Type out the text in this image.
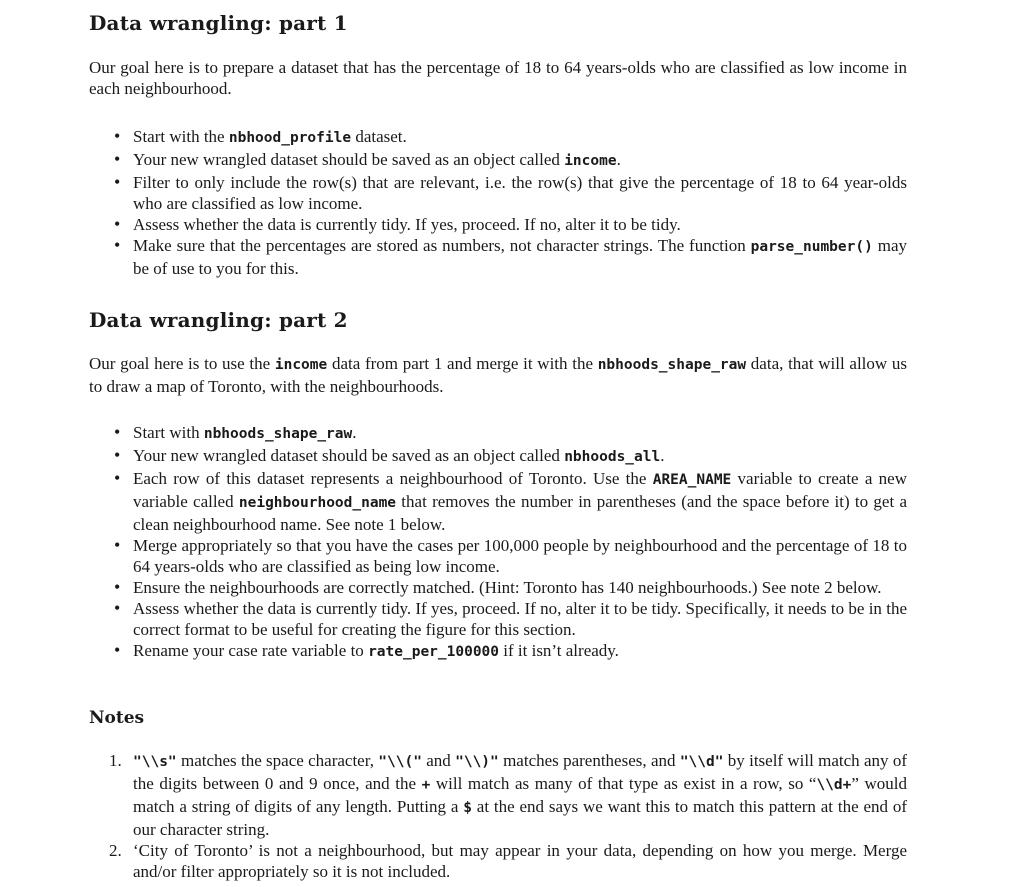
Data wrangling: part 1

Our goal here is to prepare a dataset that has the percentage of 18 to 64 years-olds who are classified as low income in each neighbourhood.

• Start with the nbhood_profile dataset.
• Your new wrangled dataset should be saved as an object called income.
• Filter to only include the row(s) that are relevant, i.e. the row(s) that give the percentage of 18 to 64 year-olds who are classified as low income.
• Assess whether the data is currently tidy. If yes, proceed. If no, alter it to be tidy.
• Make sure that the percentages are stored as numbers, not character strings. The function parse_number() may be of use to you for this.
Data wrangling: part 2

Our goal here is to use the income data from part 1 and merge it with the nbhoods_shape_raw data, that will allow us to draw a map of Toronto, with the neighbourhoods.

• Start with nbhoods_shape_raw.
• Your new wrangled dataset should be saved as an object called nbhoods_all.
• Each row of this dataset represents a neighbourhood of Toronto. Use the AREA_NAME variable to create a new variable called neighbourhood_name that removes the number in parentheses (and the space before it) to get a clean neighbourhood name. See note 1 below.
• Merge appropriately so that you have the cases per 100,000 people by neighbourhood and the percentage of 18 to 64 years-olds who are classified as being low income.
• Ensure the neighbourhoods are correctly matched. (Hint: Toronto has 140 neighbourhoods.) See note 2 below.
• Assess whether the data is currently tidy. If yes, proceed. If no, alter it to be tidy. Specifically, it needs to be in the correct format to be useful for creating the figure for this section.
• Rename your case rate variable to rate_per_100000 if it isn’t already.
Notes
1. "\\s" matches the space character, "\\(" and "\\)" matches parentheses, and "\\d" by itself will match any of the digits between 0 and 9 once, and the + will match as many of that type as exist in a row, so “\\d+” would match a string of digits of any length. Putting a $ at the end says we want this to match this pattern at the end of our character string.
2. ‘City of Toronto’ is not a neighbourhood, but may appear in your data, depending on how you merge. Merge and/or filter appropriately so it is not included.
